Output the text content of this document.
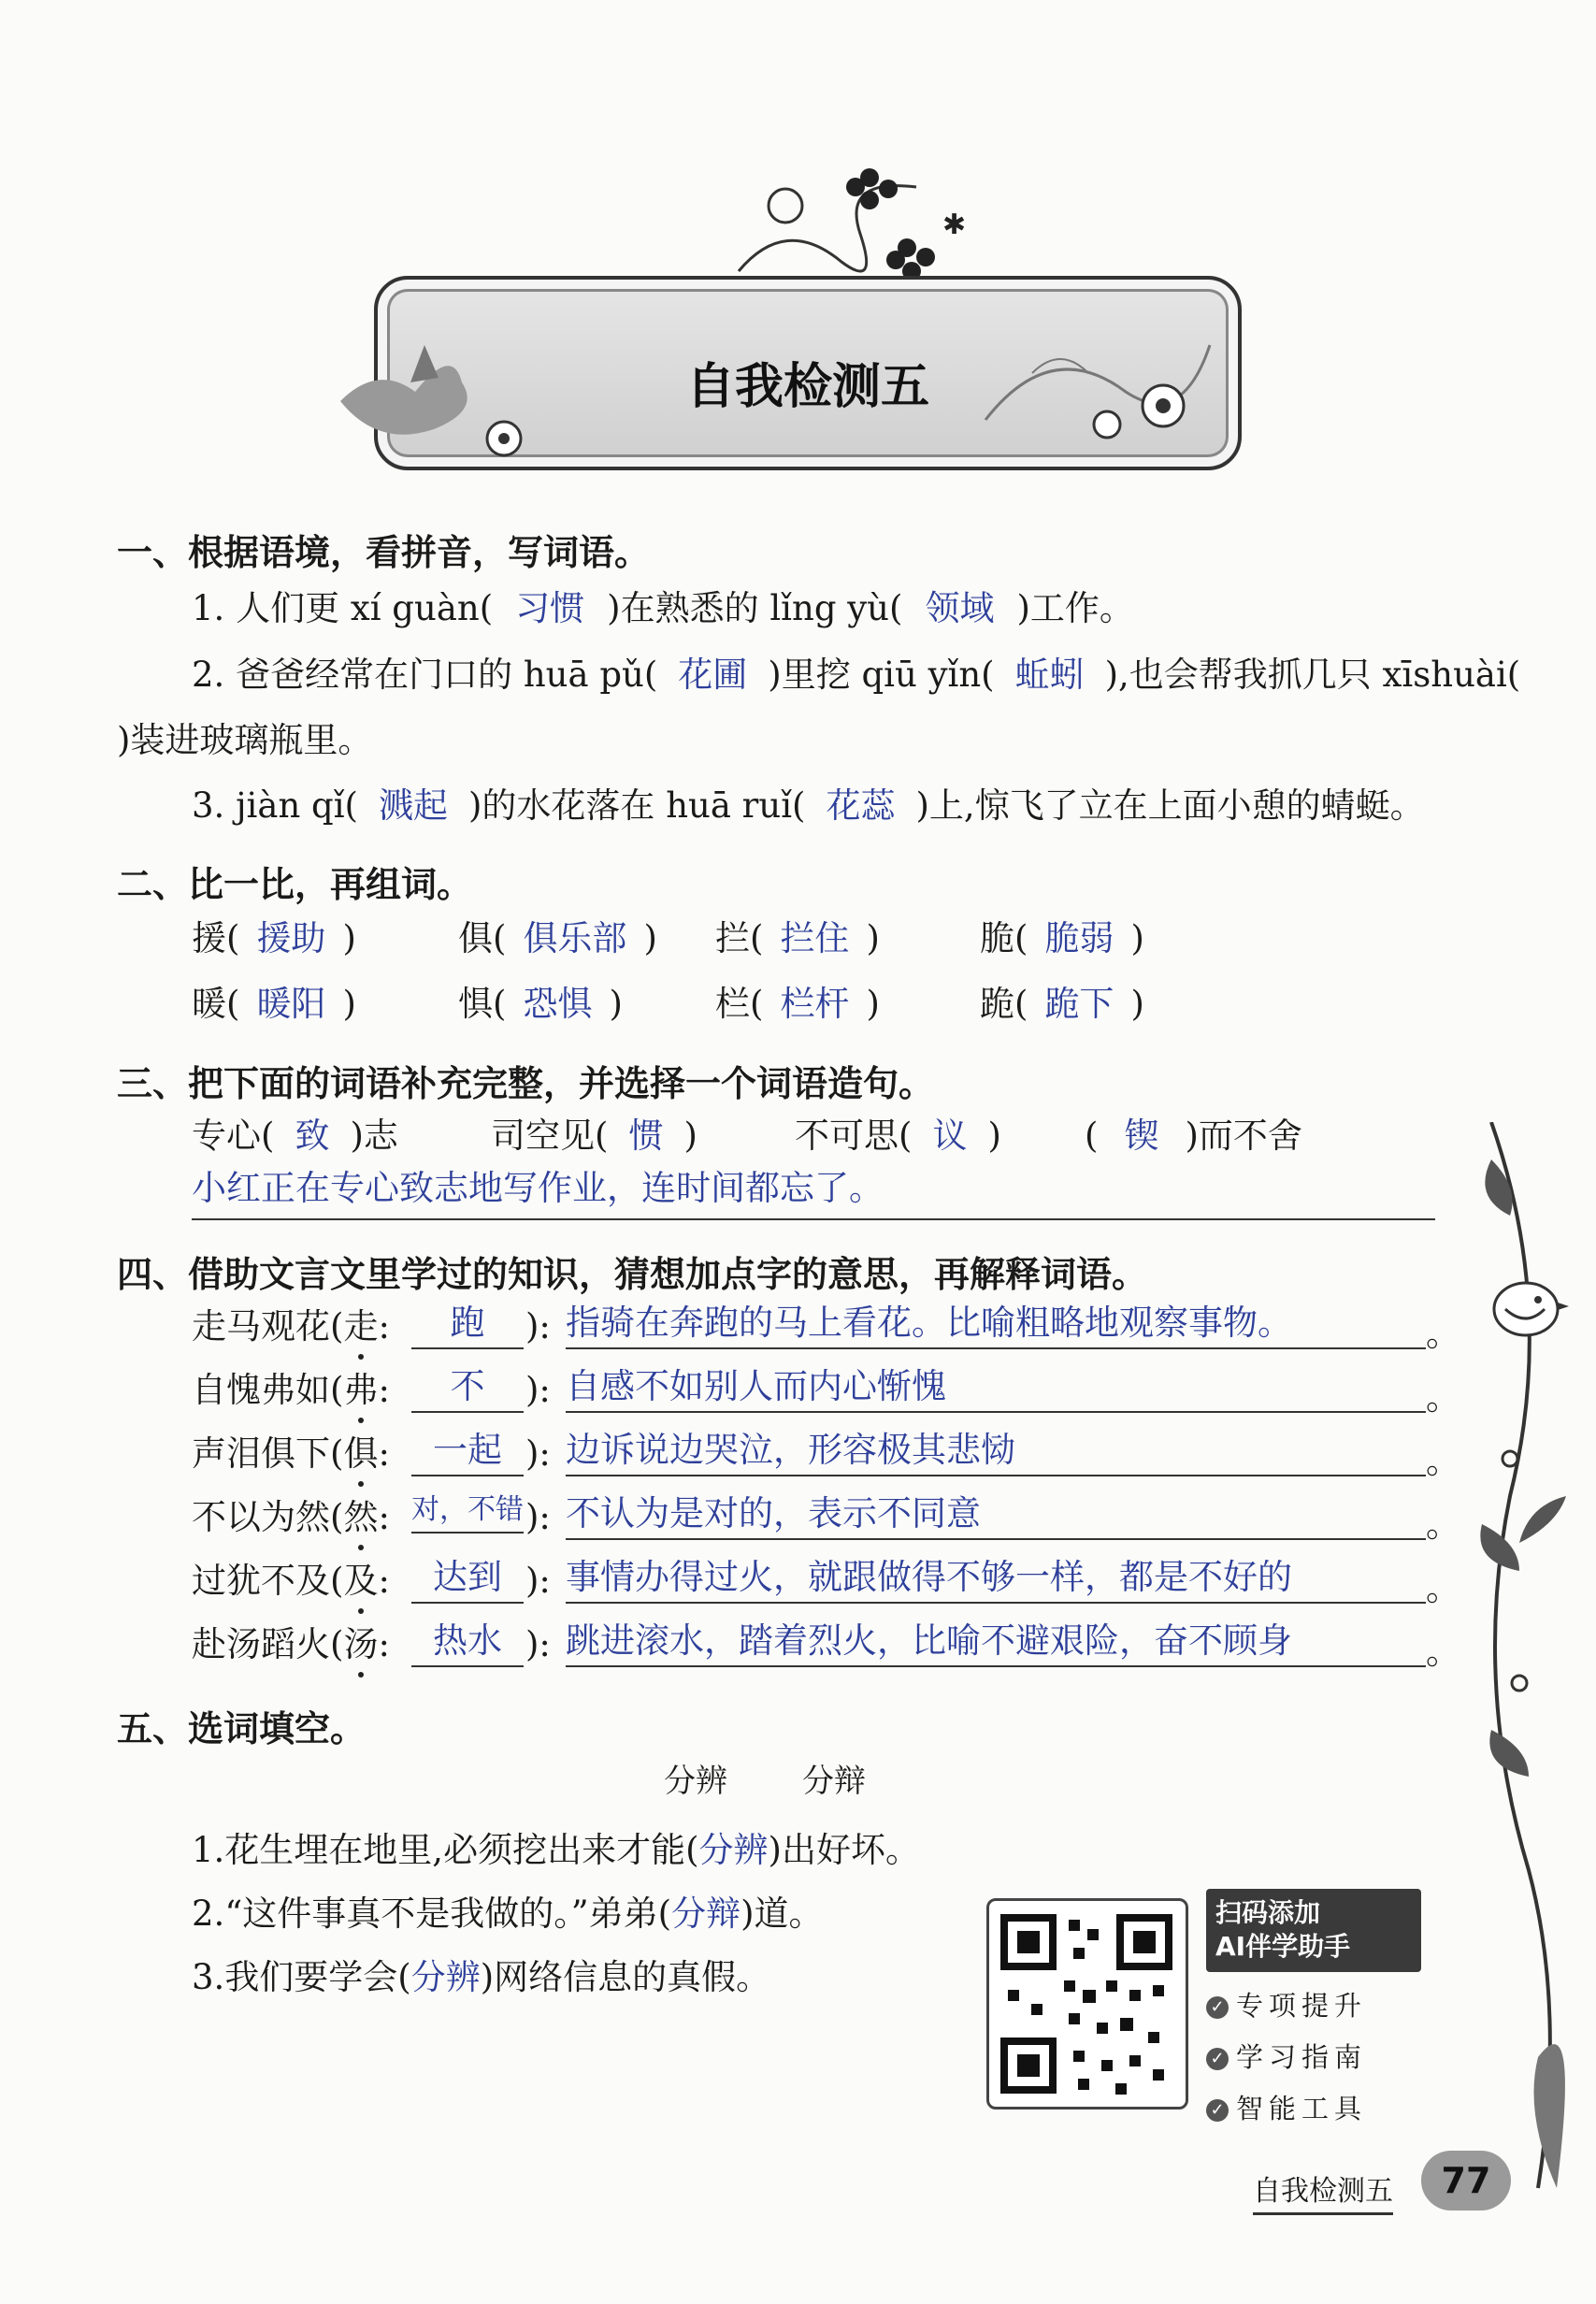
✱
自我检测五
一、根据语境，看拼音，写词语。
1. 人们更 xí guàn( 习惯 )在熟悉的 lǐng yù( 领域 )工作。
2. 爸爸经常在门口的 huā pǔ( 花圃 )里挖 qiū yǐn( 蚯蚓 ),也会帮我抓几只 xīshuài(
)装进玻璃瓶里。
3. jiàn qǐ( 溅起 )的水花落在 huā ruǐ( 花蕊 )上,惊飞了立在上面小憩的蜻蜓。
二、比一比，再组词。
三、把下面的词语补充完整，并选择一个词语造句。
专心( 致 )志	司空见( 惯 )	不可思( 议 ) ( 锲 )而不舍
小红正在专心致志地写作业，连时间都忘了。
四、借助文言文里学过的知识，猜想加点字的意思，再解释词语。
五、选词填空。
分辨 分辩
1.花生埋在地里,必须挖出来才能(分辨)出好坏。
2.“这件事真不是我做的。”弟弟(分辩)道。
3.我们要学会(分辨)网络信息的真假。
扫码添加
AI伴学助手
✓ 专项提升
✓ 学习指南
✓ 智能工具
自我检测五	77
援( 援助 )	俱( 俱乐部 ) 拦( 拦住 )	脆( 脆弱 )
暖( 暖阳 )	惧( 恐惧 )	栏( 栏杆 )	跪( 跪下 )
走马观花(走:	跑	): 指骑在奔跑的马上看花。比喻粗略地观察事物。	。
自愧弗如(弗:	不	): 自感不如别人而内心惭愧	。
声泪俱下(俱:	一起 ): 边诉说边哭泣，形容极其悲恸	。
不以为然(然: 对，不错 ): 不认为是对的，表示不同意	。
过犹不及(及:	达到 ): 事情办得过火，就跟做得不够一样，都是不好的	。
赴汤蹈火(汤:	热水 ): 跳进滚水，踏着烈火，比喻不避艰险，奋不顾身	。
